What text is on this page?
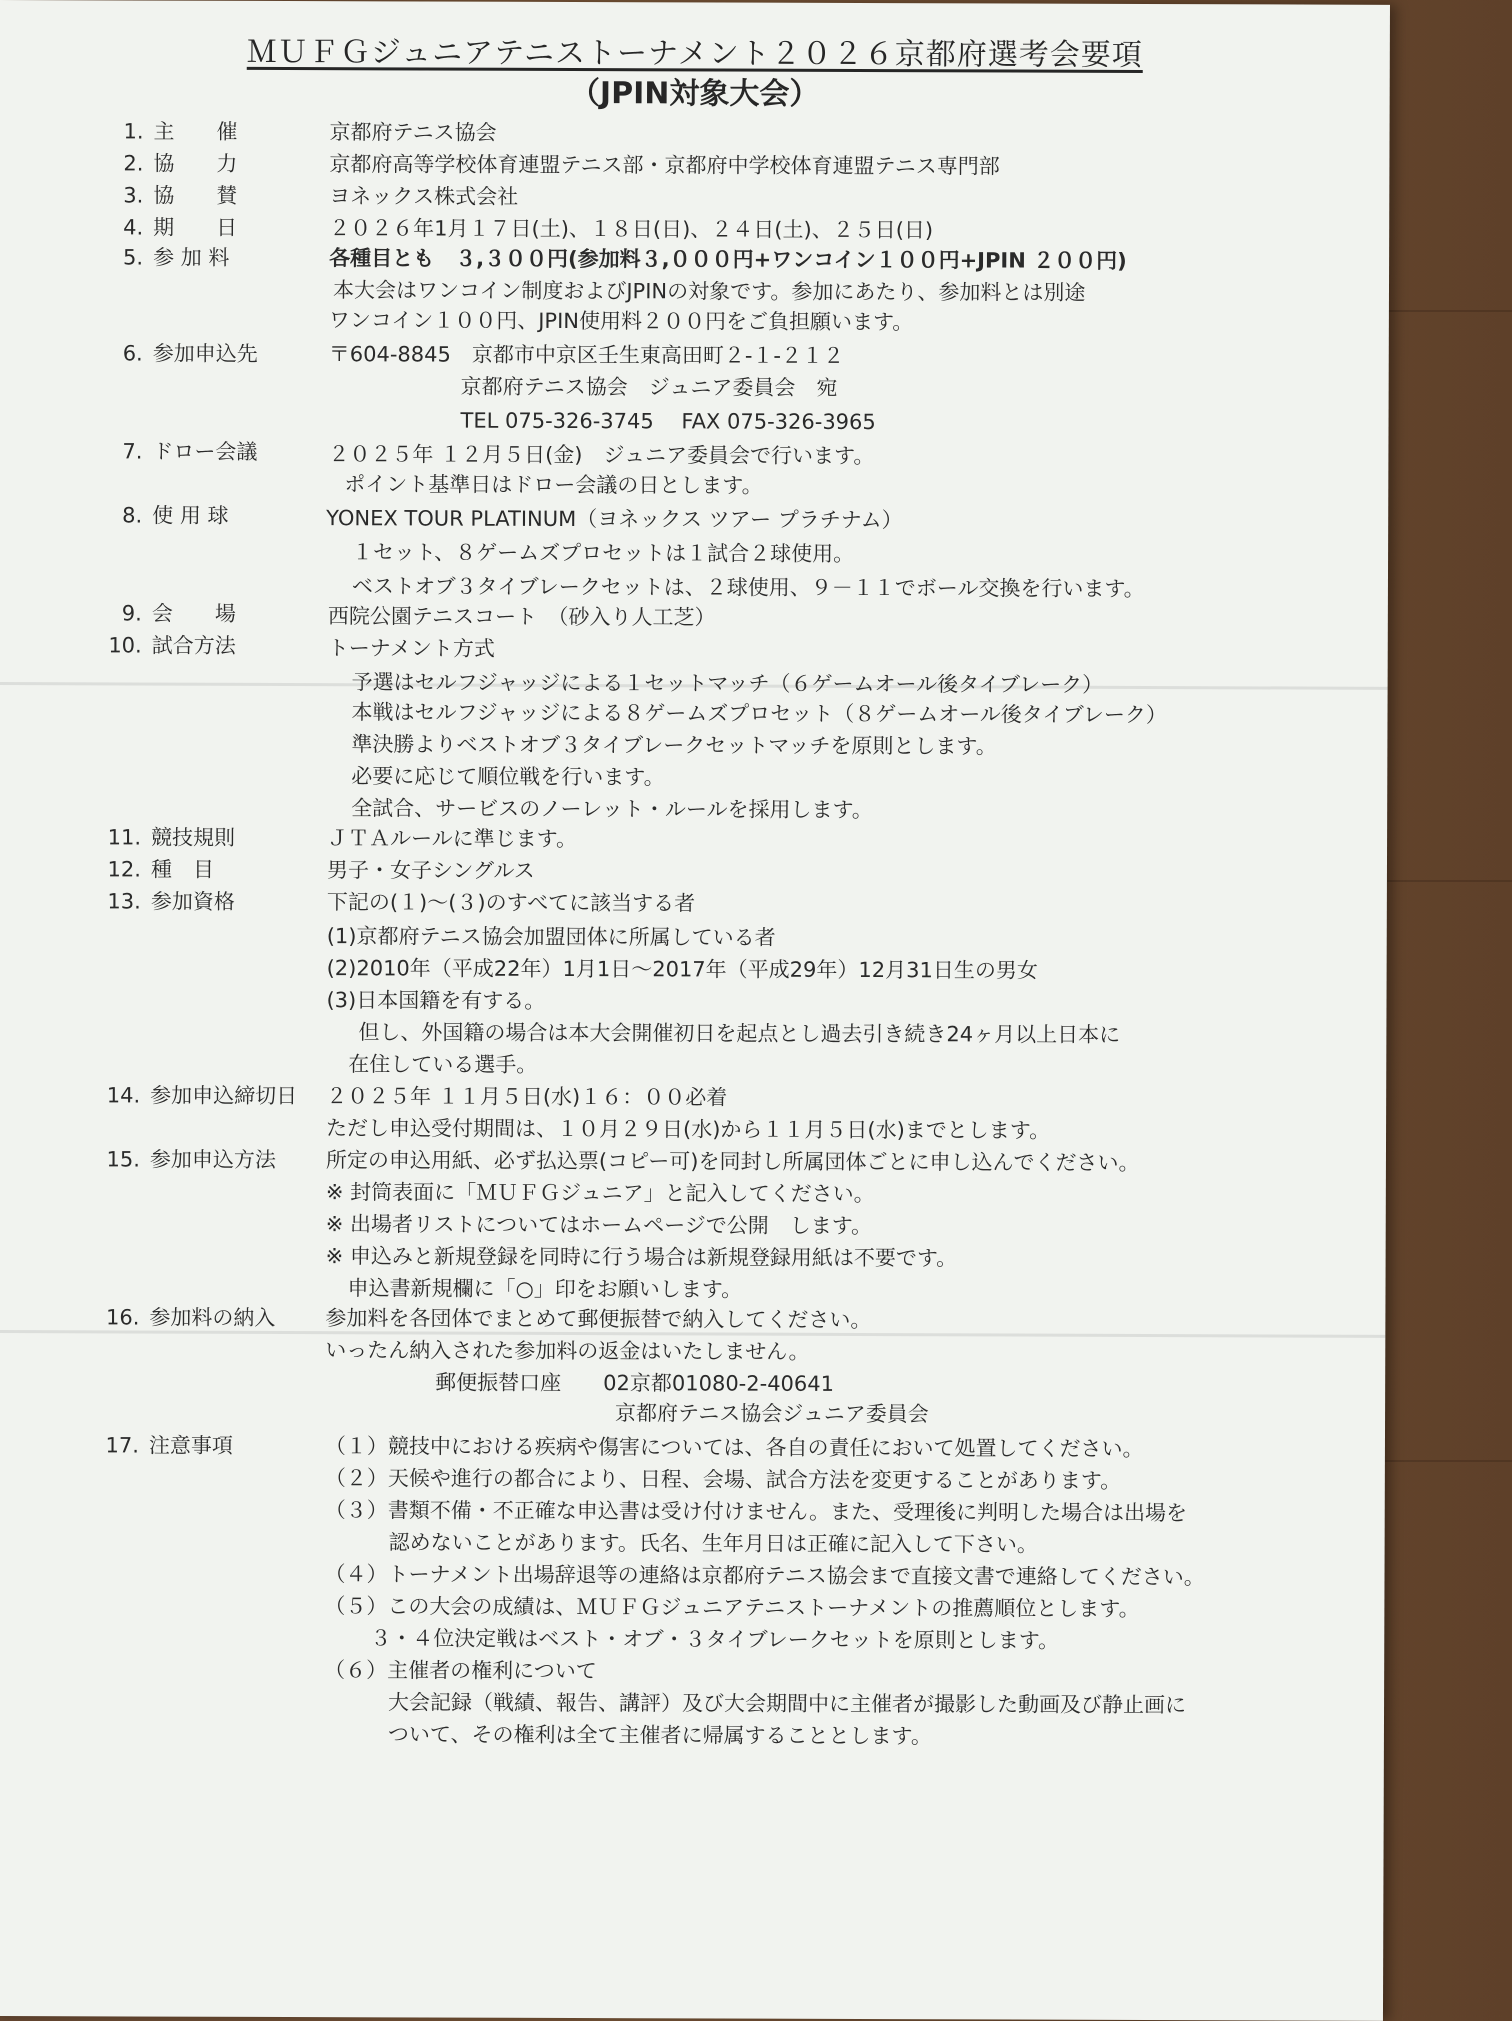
ＭＵＦＧジュニアテニストーナメント２０２６京都府選考会要項
（JPIN対象大会）
1. 主　　催	京都府テニス協会
2. 協　　力	京都府高等学校体育連盟テニス部・京都府中学校体育連盟テニス専門部
3. 協　　賛	ヨネックス株式会社
4. 期　　日	２０２６年1月１７日(土)、１８日(日)、２４日(土)、２５日(日)
5. 参 加 料	各種目とも　３,３００円(参加料３,０００円+ワンコイン１００円+JPIN ２００円)
本大会はワンコイン制度およびJPINの対象です。参加にあたり、参加料とは別途
ワンコイン１００円、JPIN使用料２００円をご負担願います。
6. 参加申込先	〒604-8845　京都市中京区壬生東高田町２-１-２１２
京都府テニス協会　ジュニア委員会　宛
TEL 075-326-3745　 FAX 075-326-3965
7. ドロー会議	２０２５年 １２月５日(金)　ジュニア委員会で行います。
ポイント基準日はドロー会議の日とします。
8. 使 用 球	YONEX TOUR PLATINUM（ヨネックス ツアー プラチナム）
１セット、８ゲームズプロセットは１試合２球使用。
ベストオブ３タイブレークセットは、２球使用、９－１１でボール交換を行います。
9. 会　　場	西院公園テニスコート　（砂入り人工芝）
10. 試合方法	トーナメント方式
予選はセルフジャッジによる１セットマッチ（６ゲームオール後タイブレーク）
本戦はセルフジャッジによる８ゲームズプロセット（８ゲームオール後タイブレーク）
準決勝よりベストオブ３タイブレークセットマッチを原則とします。
必要に応じて順位戦を行います。
全試合、サービスのノーレット・ルールを採用します。
11. 競技規則	ＪＴＡルールに準じます。
12. 種　目	男子・女子シングルス
13. 参加資格	下記の(１)～(３)のすべてに該当する者
(1)京都府テニス協会加盟団体に所属している者
(2)2010年（平成22年）1月1日～2017年（平成29年）12月31日生の男女
(3)日本国籍を有する。
但し、外国籍の場合は本大会開催初日を起点とし過去引き続き24ヶ月以上日本に
在住している選手。
14. 参加申込締切日 ２０２５年 １１月５日(水)１６：００必着
ただし申込受付期間は、１０月２９日(水)から１１月５日(水)までとします。
15. 参加申込方法 所定の申込用紙、必ず払込票(コピー可)を同封し所属団体ごとに申し込んでください。
※ 封筒表面に「ＭＵＦＧジュニア」と記入してください。
※ 出場者リストについてはホームページで公開　します。
※ 申込みと新規登録を同時に行う場合は新規登録用紙は不要です。
申込書新規欄に「○」印をお願いします。
16. 参加料の納入 参加料を各団体でまとめて郵便振替で納入してください。
いったん納入された参加料の返金はいたしません。
郵便振替口座　　02京都01080-2-40641
京都府テニス協会ジュニア委員会
17. 注意事項	（１）競技中における疾病や傷害については、各自の責任において処置してください。
（２）天候や進行の都合により、日程、会場、試合方法を変更することがあります。
（３）書類不備・不正確な申込書は受け付けません。また、受理後に判明した場合は出場を
認めないことがあります。氏名、生年月日は正確に記入して下さい。
（４）トーナメント出場辞退等の連絡は京都府テニス協会まで直接文書で連絡してください。
（５）この大会の成績は、ＭＵＦＧジュニアテニストーナメントの推薦順位とします。
３・４位決定戦はベスト・オブ・３タイブレークセットを原則とします。
（６）主催者の権利について
大会記録（戦績、報告、講評）及び大会期間中に主催者が撮影した動画及び静止画に
ついて、その権利は全て主催者に帰属することとします。
